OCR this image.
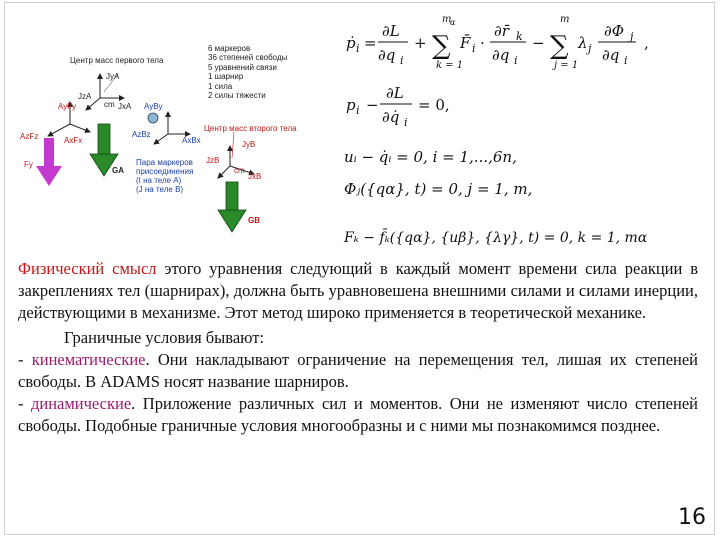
Центр масс первого тела
JyA
JzA
cm JxA
AyFy
AzFz	AxFx
Fy
GA
AyBy
AzBz
AxBx
Пара маркеров
присоединения
(I на теле A)
(J на теле B)
Центр масс второго тела
JzB
JyB
cm
JxB
GB
6 маркеров
36 степеней свободы
5 уравнений связи
1 шарнир
1 сила
2 силы тяжести
ṗ i =
∂L
∂q i
+
m
α
∑
k = 1
F̄ i ·
∂r̄ k
∂q i
−
m
∑
j = 1
λ j
∂Φ j
∂q i
,
p i −
∂L
∂q̇ i
= 0,
uᵢ − q̇ᵢ = 0, i = 1,...,6n,
Φⱼ({qα}, t) = 0, j = 1, m,
Fₖ − f̄ₖ({qα}, {uβ}, {λγ}, t) = 0, k = 1, mα
Физический смысл этого уравнения следующий в каждый момент времени сила реакции в закреплениях тел (шарнирах), должна быть уравновешена внешними силами и силами инерции, действующими в механизме. Этот метод широко применяется в теоретической механике.
Граничные условия бывают:
- кинематические. Они накладывают ограничение на перемещения тел, лишая их степеней свободы. В ADAMS носят название шарниров.
- динамические. Приложение различных сил и моментов. Они не изменяют число степеней свободы. Подобные граничные условия многообразны и с ними мы познакомимся позднее.
16
